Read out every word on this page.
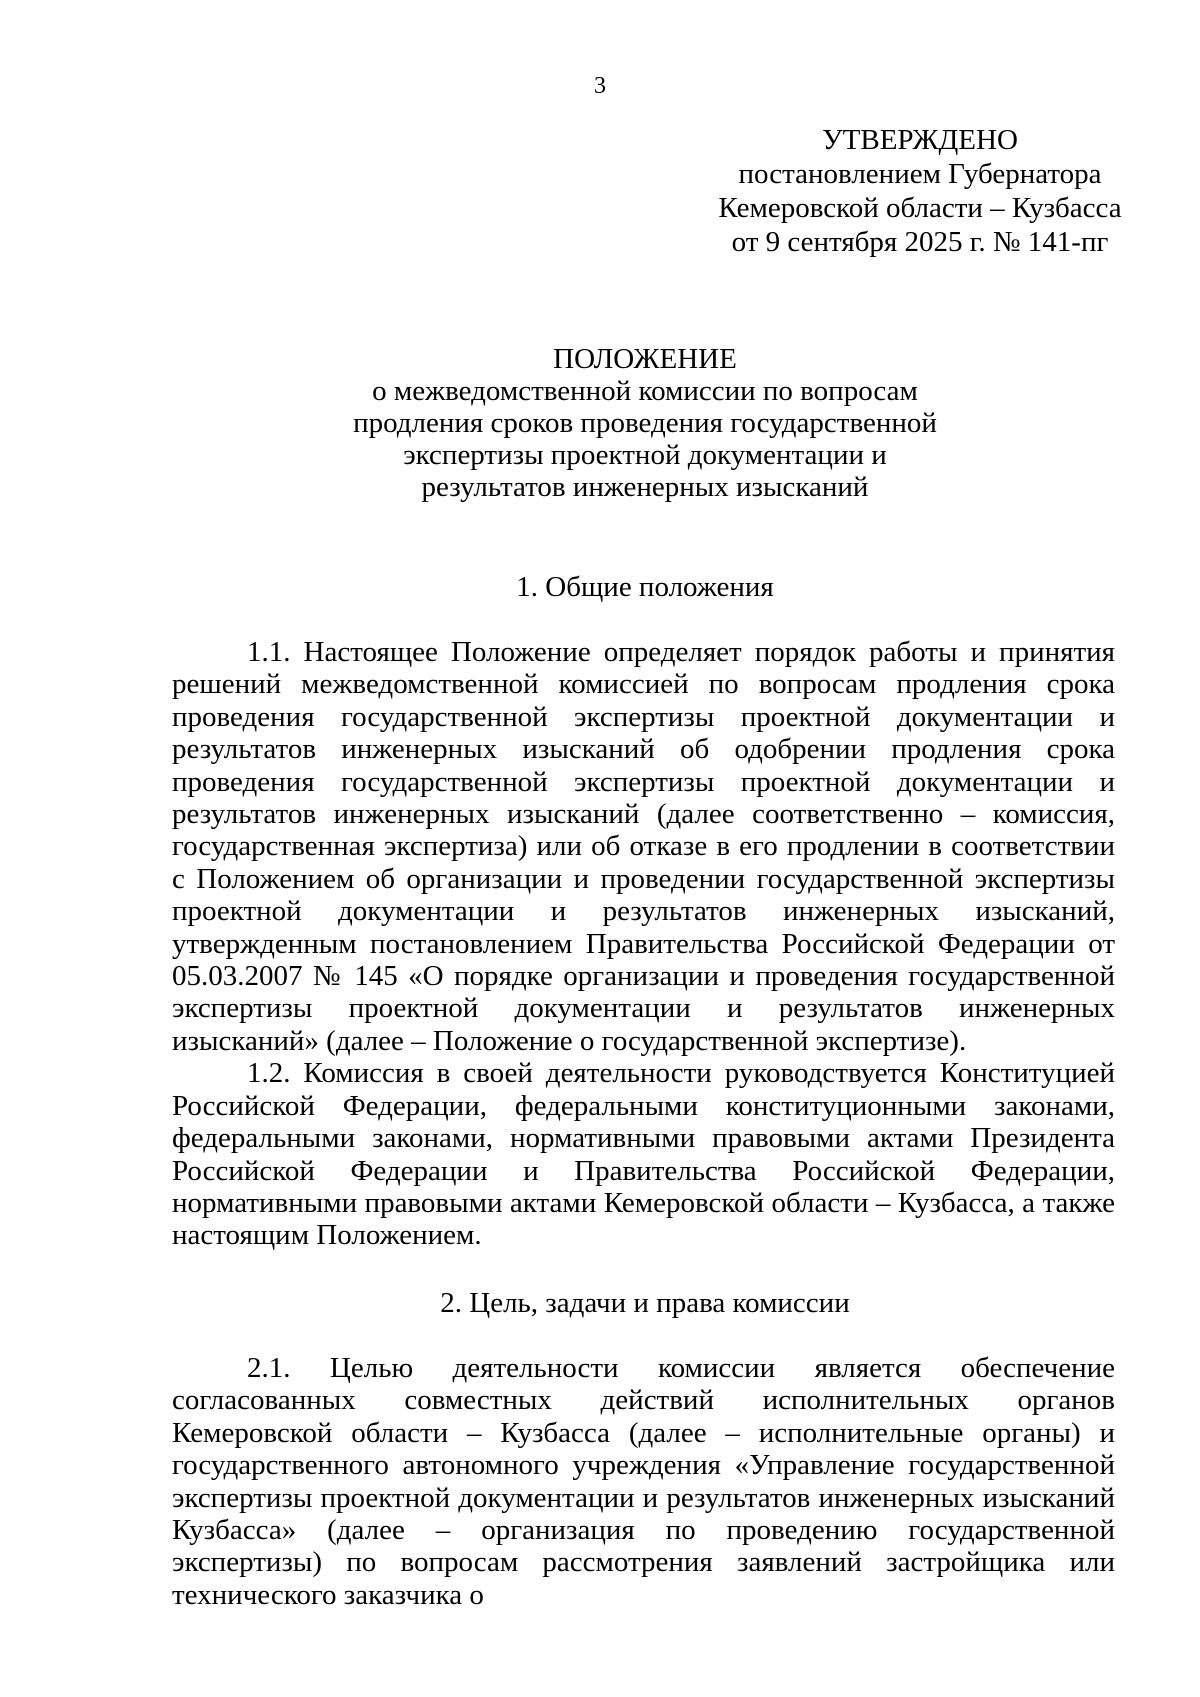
3
УТВЕРЖДЕНО
постановлением Губернатора
Кемеровской области – Кузбасса
от 9 сентября 2025 г. № 141-пг
ПОЛОЖЕНИЕ
о межведомственной комиссии по вопросам
продления сроков проведения государственной
экспертизы проектной документации и
результатов инженерных изысканий
1. Общие положения

1.1. Настоящее Положение определяет порядок работы и принятия решений межведомственной комиссией по вопросам продления срока проведения государственной экспертизы проектной документации и результатов инженерных изысканий об одобрении продления срока проведения государственной экспертизы проектной документации и результатов инженерных изысканий (далее соответственно – комиссия, государственная экспертиза) или об отказе в его продлении в соответствии с Положением об организации и проведении государственной экспертизы проектной документации и результатов инженерных изысканий, утвержденным постановлением Правительства Российской Федерации от 05.03.2007 № 145 «О порядке организации и проведения государственной экспертизы проектной документации и результатов инженерных изысканий» (далее – Положение о государственной экспертизе).

1.2. Комиссия в своей деятельности руководствуется Конституцией Российской Федерации, федеральными конституционными законами, федеральными законами, нормативными правовыми актами Президента Российской Федерации и Правительства Российской Федерации, нормативными правовыми актами Кемеровской области – Кузбасса, а также настоящим Положением.

2. Цель, задачи и права комиссии

2.1. Целью деятельности комиссии является обеспечение согласованных совместных действий исполнительных органов Кемеровской области – Кузбасса (далее – исполнительные органы) и государственного автономного учреждения «Управление государственной экспертизы проектной документации и результатов инженерных изысканий Кузбасса» (далее – организация по проведению государственной экспертизы) по вопросам рассмотрения заявлений застройщика или технического заказчика о
